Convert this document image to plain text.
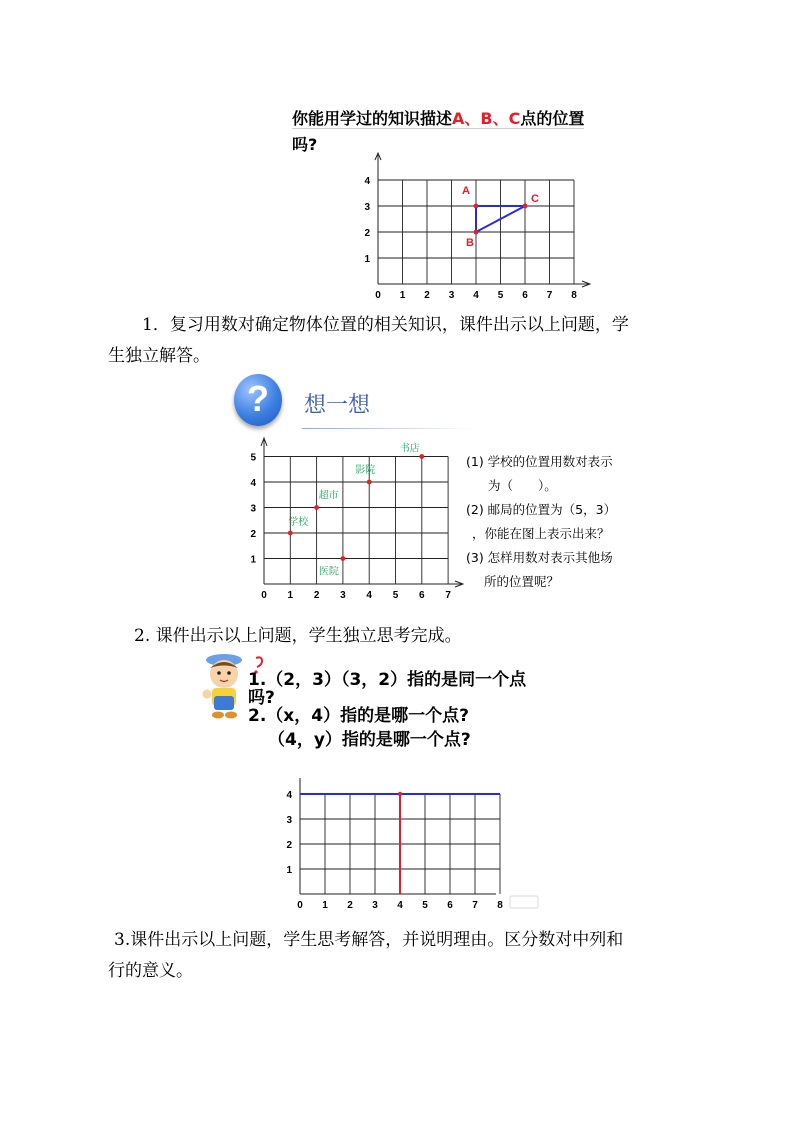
你能用学过的知识描述A、B、C点的位置
吗?
0 1 2 3 4 5 6 7 8
1
2
3
4
A
B
C
1．复习用数对确定物体位置的相关知识，课件出示以上问题，学
生独立解答。
?	想一想
0 1 2 3 4 5 6 7
1
2
3
4
5
学校
超市
医院
影院
书店
(1) 学校的位置用数对表示
为（　　）。
(2) 邮局的位置为（5，3）
，你能在图上表示出来？
(3) 怎样用数对表示其他场
所的位置呢？
2. 课件出示以上问题，学生独立思考完成。
1.（2，3）（3，2）指的是同一个点
吗?
2.（x，4）指的是哪一个点?
（4，y）指的是哪一个点?
0 1 2 3 4 5 6 7 8
1
2
3
4
3.课件出示以上问题，学生思考解答，并说明理由。区分数对中列和
行的意义。
